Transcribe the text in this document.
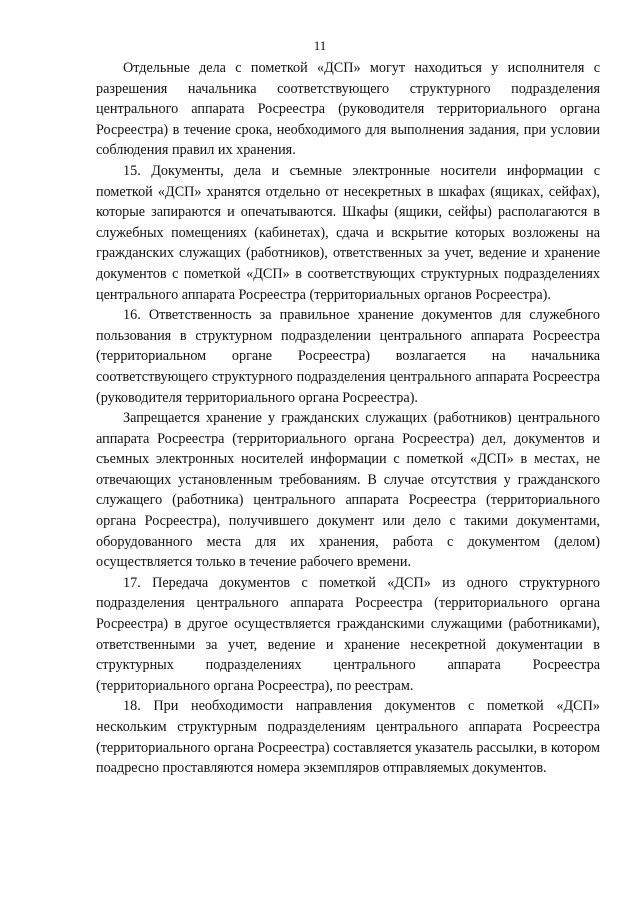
11

Отдельные дела с пометкой «ДСП» могут находиться у исполнителя с разрешения начальника соответствующего структурного подразделения центрального аппарата Росреестра (руководителя территориального органа Росреестра) в течение срока, необходимого для выполнения задания, при условии соблюдения правил их хранения.

15. Документы, дела и съемные электронные носители информации с пометкой «ДСП» хранятся отдельно от несекретных в шкафах (ящиках, сейфах), которые запираются и опечатываются. Шкафы (ящики, сейфы) располагаются в служебных помещениях (кабинетах), сдача и вскрытие которых возложены на гражданских служащих (работников), ответственных за учет, ведение и хранение документов с пометкой «ДСП» в соответствующих структурных подразделениях центрального аппарата Росреестра (территориальных органов Росреестра).

16. Ответственность за правильное хранение документов для служебного пользования в структурном подразделении центрального аппарата Росреестра (территориальном органе Росреестра) возлагается на начальника соответствующего структурного подразделения центрального аппарата Росреестра (руководителя территориального органа Росреестра).

Запрещается хранение у гражданских служащих (работников) центрального аппарата Росреестра (территориального органа Росреестра) дел, документов и съемных электронных носителей информации с пометкой «ДСП» в местах, не отвечающих установленным требованиям. В случае отсутствия у гражданского служащего (работника) центрального аппарата Росреестра (территориального органа Росреестра), получившего документ или дело с такими документами, оборудованного места для их хранения, работа с документом (делом) осуществляется только в течение рабочего времени.

17. Передача документов с пометкой «ДСП» из одного структурного подразделения центрального аппарата Росреестра (территориального органа Росреестра) в другое осуществляется гражданскими служащими (работниками), ответственными за учет, ведение и хранение несекретной документации в структурных подразделениях центрального аппарата Росреестра (территориального органа Росреестра), по реестрам.

18. При необходимости направления документов с пометкой «ДСП» нескольким структурным подразделениям центрального аппарата Росреестра (территориального органа Росреестра) составляется указатель рассылки, в котором поадресно проставляются номера экземпляров отправляемых документов.
